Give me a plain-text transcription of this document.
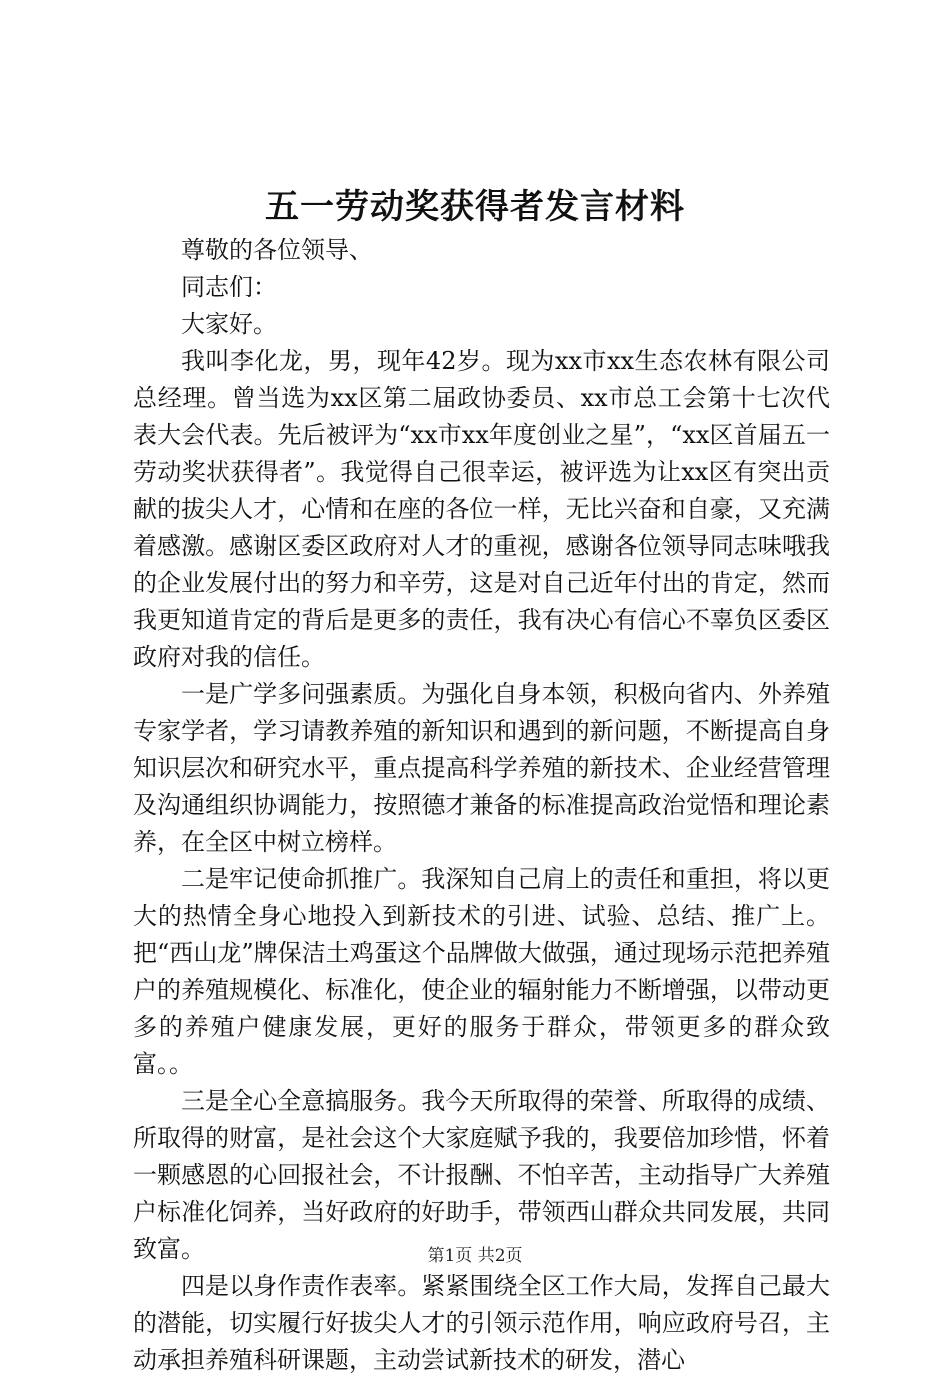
五一劳动奖获得者发言材料

尊敬的各位领导、

同志们：

大家好。

我叫李化龙，男，现年42岁。现为xx市xx生态农林有限公司总经理。曾当选为xx区第二届政协委员、xx市总工会第十七次代表大会代表。先后被评为“xx市xx年度创业之星”，“xx区首届五一劳动奖状获得者”。我觉得自己很幸运，被评选为让xx区有突出贡献的拔尖人才，心情和在座的各位一样，无比兴奋和自豪，又充满着感激。感谢区委区政府对人才的重视，感谢各位领导同志味哦我的企业发展付出的努力和辛劳，这是对自己近年付出的肯定，然而我更知道肯定的背后是更多的责任，我有决心有信心不辜负区委区政府对我的信任。

一是广学多问强素质。为强化自身本领，积极向省内、外养殖专家学者，学习请教养殖的新知识和遇到的新问题，不断提高自身知识层次和研究水平，重点提高科学养殖的新技术、企业经营管理及沟通组织协调能力，按照德才兼备的标准提高政治觉悟和理论素养，在全区中树立榜样。

二是牢记使命抓推广。我深知自己肩上的责任和重担，将以更大的热情全身心地投入到新技术的引进、试验、总结、推广上。把“西山龙”牌保洁土鸡蛋这个品牌做大做强，通过现场示范把养殖户的养殖规模化、标准化，使企业的辐射能力不断增强，以带动更多的养殖户健康发展，更好的服务于群众，带领更多的群众致富。。

三是全心全意搞服务。我今天所取得的荣誉、所取得的成绩、所取得的财富，是社会这个大家庭赋予我的，我要倍加珍惜，怀着一颗感恩的心回报社会，不计报酬、不怕辛苦，主动指导广大养殖户标准化饲养，当好政府的好助手，带领西山群众共同发展，共同致富。

四是以身作责作表率。紧紧围绕全区工作大局，发挥自己最大的潜能，切实履行好拔尖人才的引领示范作用，响应政府号召，主动承担养殖科研课题，主动尝试新技术的研发，潜心

第1页 共2页
